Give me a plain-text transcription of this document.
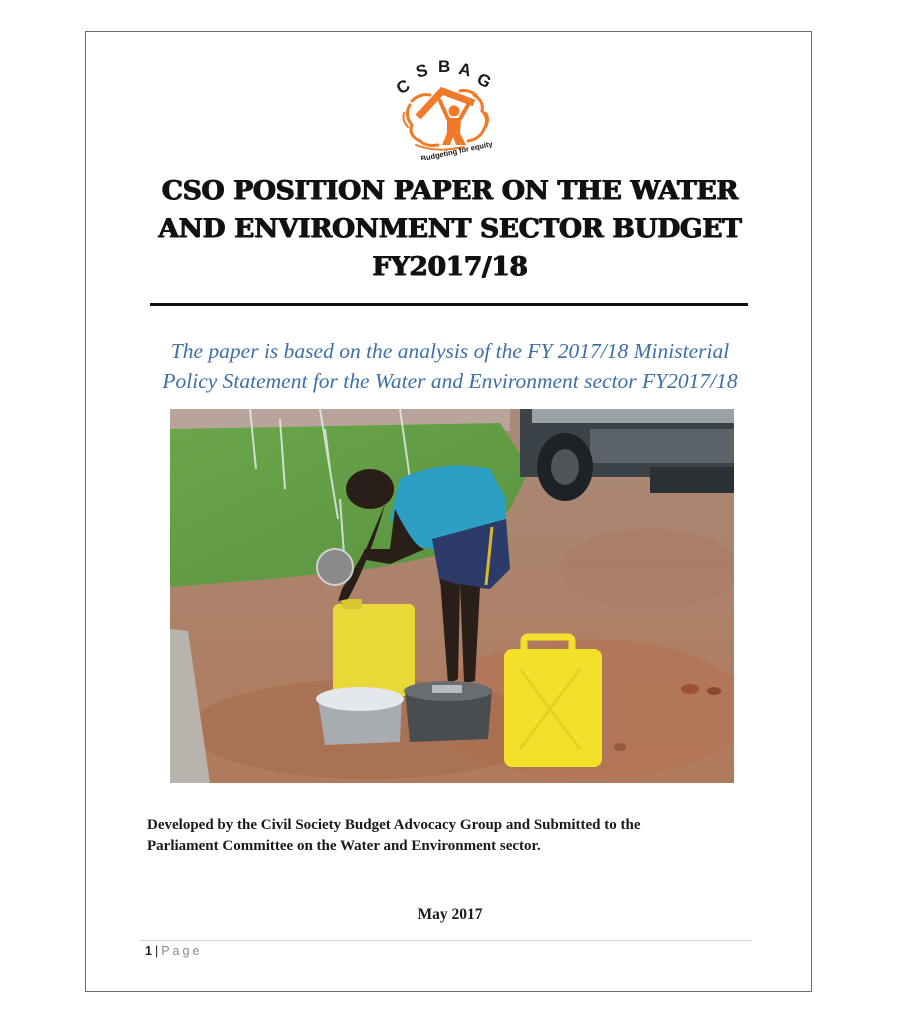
C
S B A G
Budgeting for equity
CSO POSITION PAPER ON THE WATER
AND ENVIRONMENT SECTOR BUDGET
FY2017/18
The paper is based on the analysis of the FY 2017/18 Ministerial
Policy Statement for the Water and Environment sector FY2017/18
Developed by the Civil Society Budget Advocacy Group and Submitted to the
Parliament Committee on the Water and Environment sector.
May 2017
1 | Page
